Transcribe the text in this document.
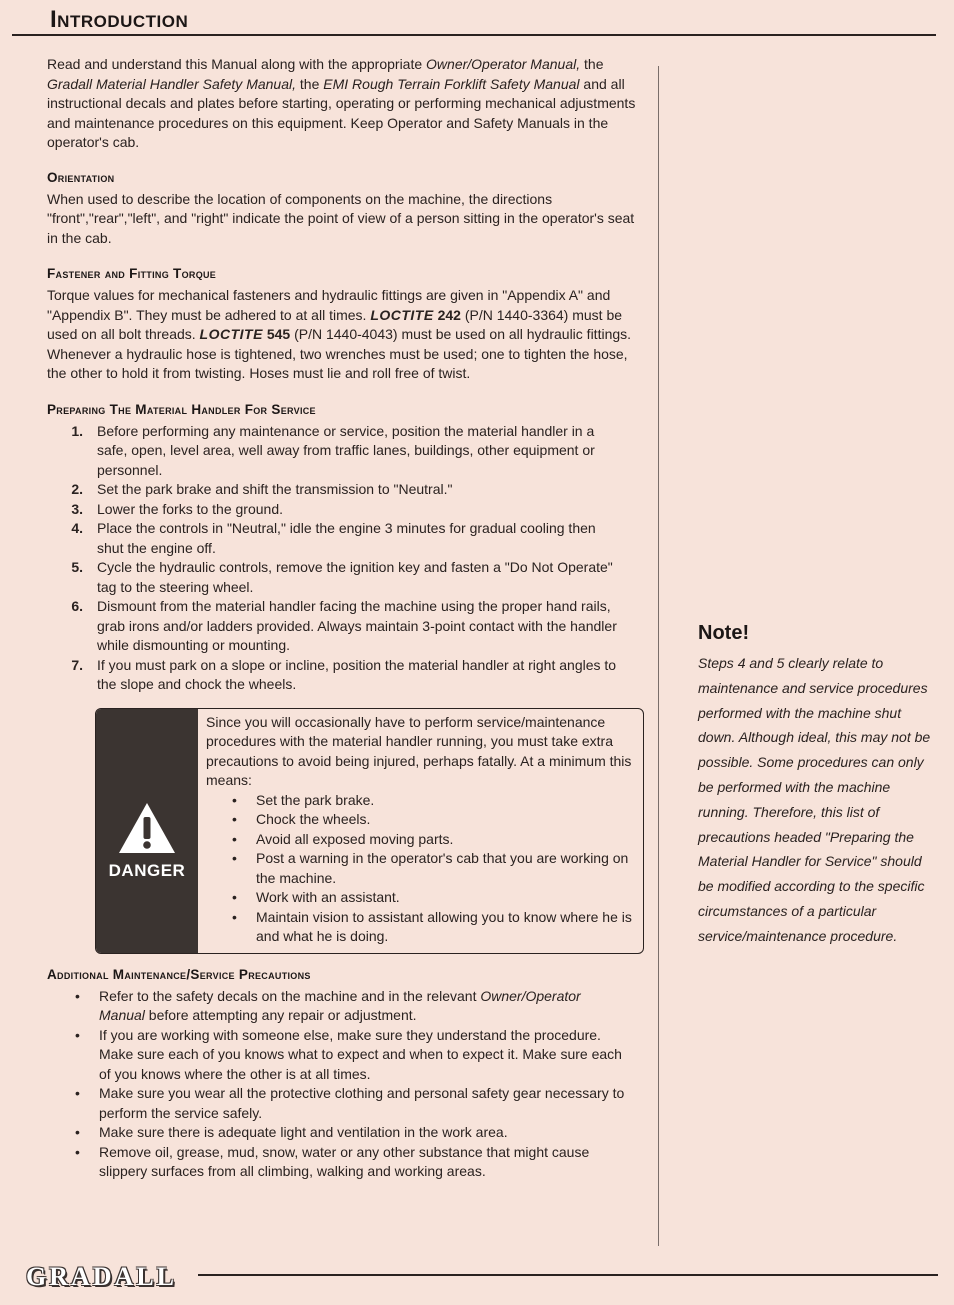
Introduction

Read and understand this Manual along with the appropriate Owner/Operator Manual, the Gradall Material Handler Safety Manual, the EMI Rough Terrain Forklift Safety Manual and all instructional decals and plates before starting, operating or performing mechanical adjustments and maintenance procedures on this equipment. Keep Operator and Safety Manuals in the operator's cab.

Orientation

When used to describe the location of components on the machine, the directions "front","rear","left", and "right" indicate the point of view of a person sitting in the operator's seat in the cab.

Fastener and Fitting Torque

Torque values for mechanical fasteners and hydraulic fittings are given in "Appendix A" and "Appendix B". They must be adhered to at all times. LOCTITE 242 (P/N 1440-3364) must be used on all bolt threads. LOCTITE 545 (P/N 1440-4043) must be used on all hydraulic fittings. Whenever a hydraulic hose is tightened, two wrenches must be used; one to tighten the hose, the other to hold it from twisting. Hoses must lie and roll free of twist.

Preparing The Material Handler For Service
1.	Before performing any maintenance or service, position the material handler in a safe, open, level area, well away from traffic lanes, buildings, other equipment or personnel.
2.	Set the park brake and shift the transmission to "Neutral."
3.	Lower the forks to the ground.
4.	Place the controls in "Neutral," idle the engine 3 minutes for gradual cooling then shut the engine off.
5.	Cycle the hydraulic controls, remove the ignition key and fasten a "Do Not Operate" tag to the steering wheel.
6.	Dismount from the material handler facing the machine using the proper hand rails, grab irons and/or ladders provided. Always maintain 3-point contact with the handler while dismounting or mounting.
7.	If you must park on a slope or incline, position the material handler at right angles to the slope and chock the wheels.
DANGER

Since you will occasionally have to perform service/maintenance procedures with the material handler running, you must take extra precautions to avoid being injured, perhaps fatally. At a minimum this means:

•	Set the park brake.
•	Chock the wheels.
•	Avoid all exposed moving parts.
•	Post a warning in the operator's cab that you are working on the machine.
•	Work with an assistant.
•	Maintain vision to assistant allowing you to know where he is and what he is doing.
Additional Maintenance/Service Precautions
•	Refer to the safety decals on the machine and in the relevant Owner/Operator Manual before attempting any repair or adjustment.
•	If you are working with someone else, make sure they understand the procedure. Make sure each of you knows what to expect and when to expect it. Make sure each of you knows where the other is at all times.
•	Make sure you wear all the protective clothing and personal safety gear necessary to perform the service safely.
•	Make sure there is adequate light and ventilation in the work area.
•	Remove oil, grease, mud, snow, water or any other substance that might cause slippery surfaces from all climbing, walking and working areas.
Note!

Steps 4 and 5 clearly relate to maintenance and service procedures performed with the machine shut down. Although ideal, this may not be possible. Some procedures can only be performed with the machine running. Therefore, this list of precautions headed "Preparing the Material Handler for Service" should be modified according to the specific circumstances of a particular service/maintenance procedure.

GRADALL
